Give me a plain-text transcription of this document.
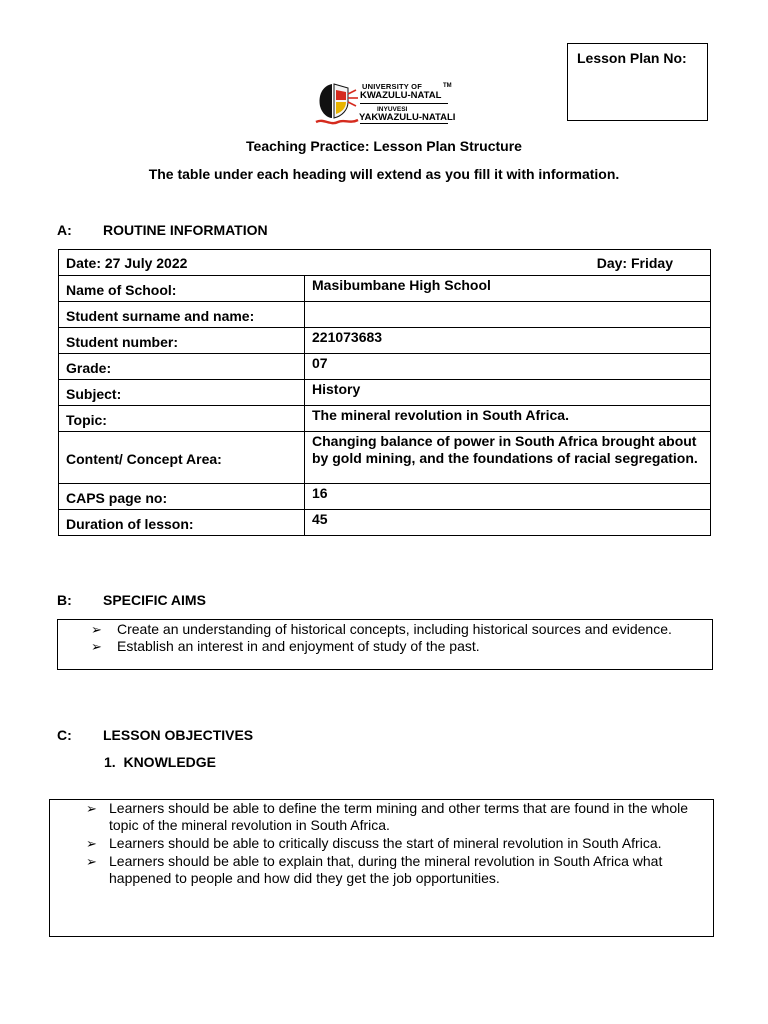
Lesson Plan No:
UNIVERSITY OF	TM
KWAZULU-NATAL
INYUVESI
YAKWAZULU-NATALI
Teaching Practice: Lesson Plan Structure
The table under each heading will extend as you fill it with information.
A: ROUTINE INFORMATION
Date: 27 July 2022 Day: Friday	

Name of School:	Masibumbane High School
Student surname and name:	
Student number:	221073683
Grade:	07
Subject:	History
Topic:	The mineral revolution in South Africa.
Content/ Concept Area:	Changing balance of power in South Africa brought about by gold mining, and the foundations of racial segregation.
CAPS page no:	16
Duration of lesson:	45
B: SPECIFIC AIMS
➢ Create an understanding of historical concepts, including historical sources and evidence.
➢ Establish an interest in and enjoyment of study of the past.
C: LESSON OBJECTIVES
1.  KNOWLEDGE
➢ Learners should be able to define the term mining and other terms that are found in the whole topic of the mineral revolution in South Africa.
➢ Learners should be able to critically discuss the start of mineral revolution in South Africa.
➢ Learners should be able to explain that, during the mineral revolution in South Africa what happened to people and how did they get the job opportunities.
